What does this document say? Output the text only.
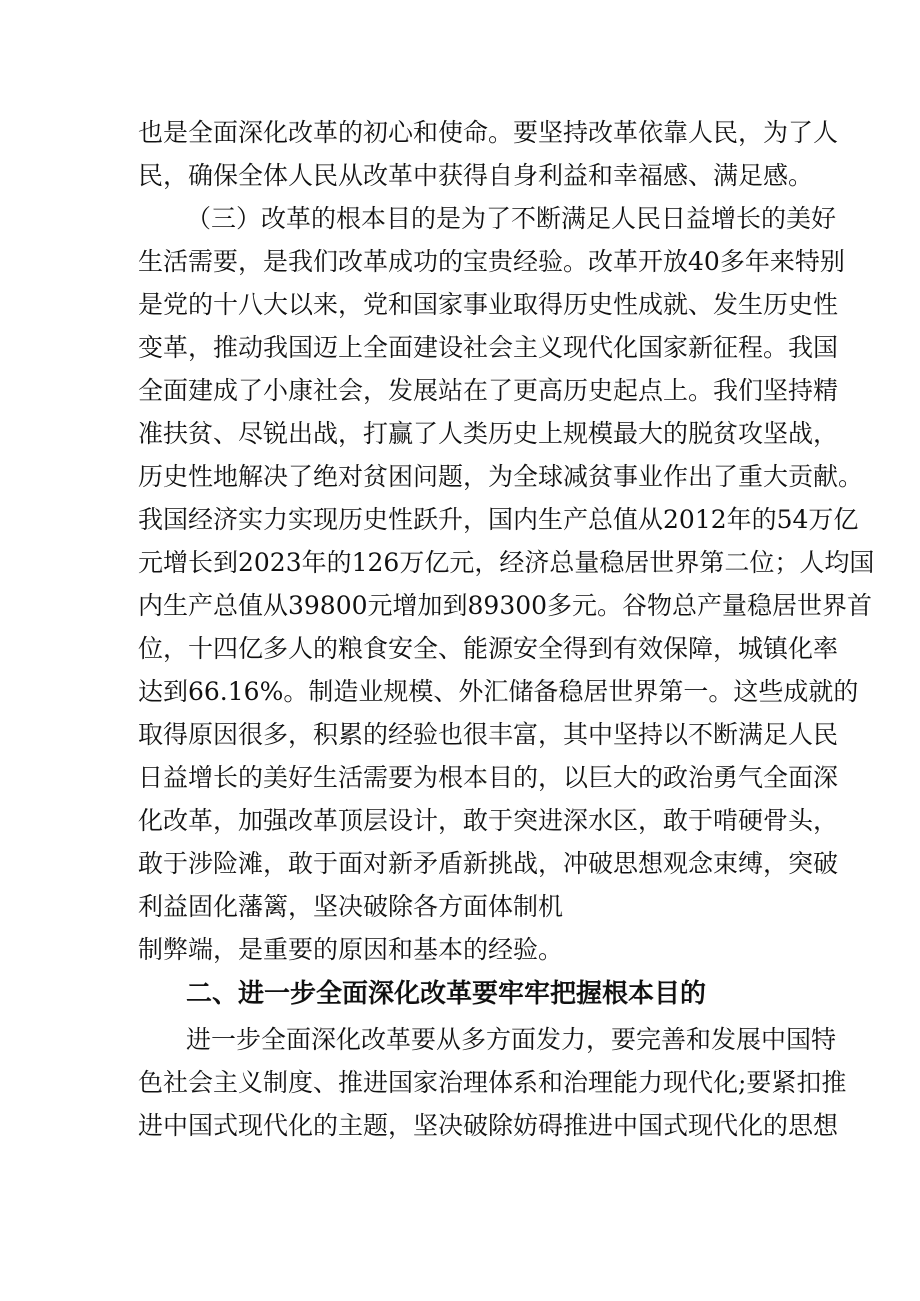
也是全面深化改革的初心和使命。要坚持改革依靠人民，为了人
民，确保全体人民从改革中获得自身利益和幸福感、满足感。
（三）改革的根本目的是为了不断满足人民日益增长的美好
生活需要，是我们改革成功的宝贵经验。改革开放40多年来特别
是党的十八大以来，党和国家事业取得历史性成就、发生历史性
变革，推动我国迈上全面建设社会主义现代化国家新征程。我国
全面建成了小康社会，发展站在了更高历史起点上。我们坚持精
准扶贫、尽锐出战，打赢了人类历史上规模最大的脱贫攻坚战，
历史性地解决了绝对贫困问题，为全球减贫事业作出了重大贡献。
我国经济实力实现历史性跃升，国内生产总值从2012年的54万亿
元增长到2023年的126万亿元，经济总量稳居世界第二位；人均国
内生产总值从39800元增加到89300多元。谷物总产量稳居世界首
位，十四亿多人的粮食安全、能源安全得到有效保障，城镇化率
达到66.16%。制造业规模、外汇储备稳居世界第一。这些成就的
取得原因很多，积累的经验也很丰富，其中坚持以不断满足人民
日益增长的美好生活需要为根本目的，以巨大的政治勇气全面深
化改革，加强改革顶层设计，敢于突进深水区，敢于啃硬骨头，
敢于涉险滩，敢于面对新矛盾新挑战，冲破思想观念束缚，突破
利益固化藩篱，坚决破除各方面体制机
制弊端，是重要的原因和基本的经验。
二、进一步全面深化改革要牢牢把握根本目的
进一步全面深化改革要从多方面发力，要完善和发展中国特
色社会主义制度、推进国家治理体系和治理能力现代化;要紧扣推
进中国式现代化的主题，坚决破除妨碍推进中国式现代化的思想
